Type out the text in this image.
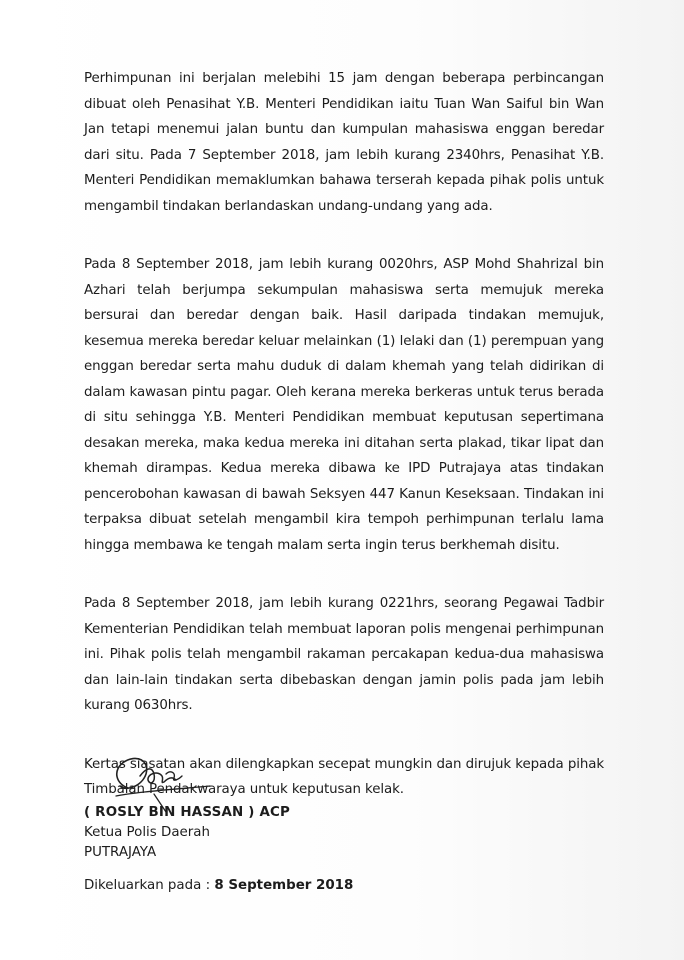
Perhimpunan ini berjalan melebihi 15 jam dengan beberapa perbincangan dibuat oleh Penasihat Y.B. Menteri Pendidikan iaitu Tuan Wan Saiful bin Wan Jan tetapi menemui jalan buntu dan kumpulan mahasiswa enggan beredar dari situ. Pada 7 September 2018, jam lebih kurang 2340hrs, Penasihat Y.B. Menteri Pendidikan memaklumkan bahawa terserah kepada pihak polis untuk mengambil tindakan berlandaskan undang-undang yang ada.

Pada 8 September 2018, jam lebih kurang 0020hrs, ASP Mohd Shahrizal bin Azhari telah berjumpa sekumpulan mahasiswa serta memujuk mereka bersurai dan beredar dengan baik. Hasil daripada tindakan memujuk, kesemua mereka beredar keluar melainkan (1) lelaki dan (1) perempuan yang enggan beredar serta mahu duduk di dalam khemah yang telah didirikan di dalam kawasan pintu pagar. Oleh kerana mereka berkeras untuk terus berada di situ sehingga Y.B. Menteri Pendidikan membuat keputusan sepertimana desakan mereka, maka kedua mereka ini ditahan serta plakad, tikar lipat dan khemah dirampas. Kedua mereka dibawa ke IPD Putrajaya atas tindakan pencerobohan kawasan di bawah Seksyen 447 Kanun Keseksaan. Tindakan ini terpaksa dibuat setelah mengambil kira tempoh perhimpunan terlalu lama hingga membawa ke tengah malam serta ingin terus berkhemah disitu.

Pada 8 September 2018, jam lebih kurang 0221hrs, seorang Pegawai Tadbir Kementerian Pendidikan telah membuat laporan polis mengenai perhimpunan ini. Pihak polis telah mengambil rakaman percakapan kedua-dua mahasiswa dan lain-lain tindakan serta dibebaskan dengan jamin polis pada jam lebih kurang 0630hrs.

Kertas siasatan akan dilengkapkan secepat mungkin dan dirujuk kepada pihak Timbalan Pendakwaraya untuk keputusan kelak.

( ROSLY BIN HASSAN ) ACP
Ketua Polis Daerah
PUTRAJAYA
Dikeluarkan pada : 8 September 2018
